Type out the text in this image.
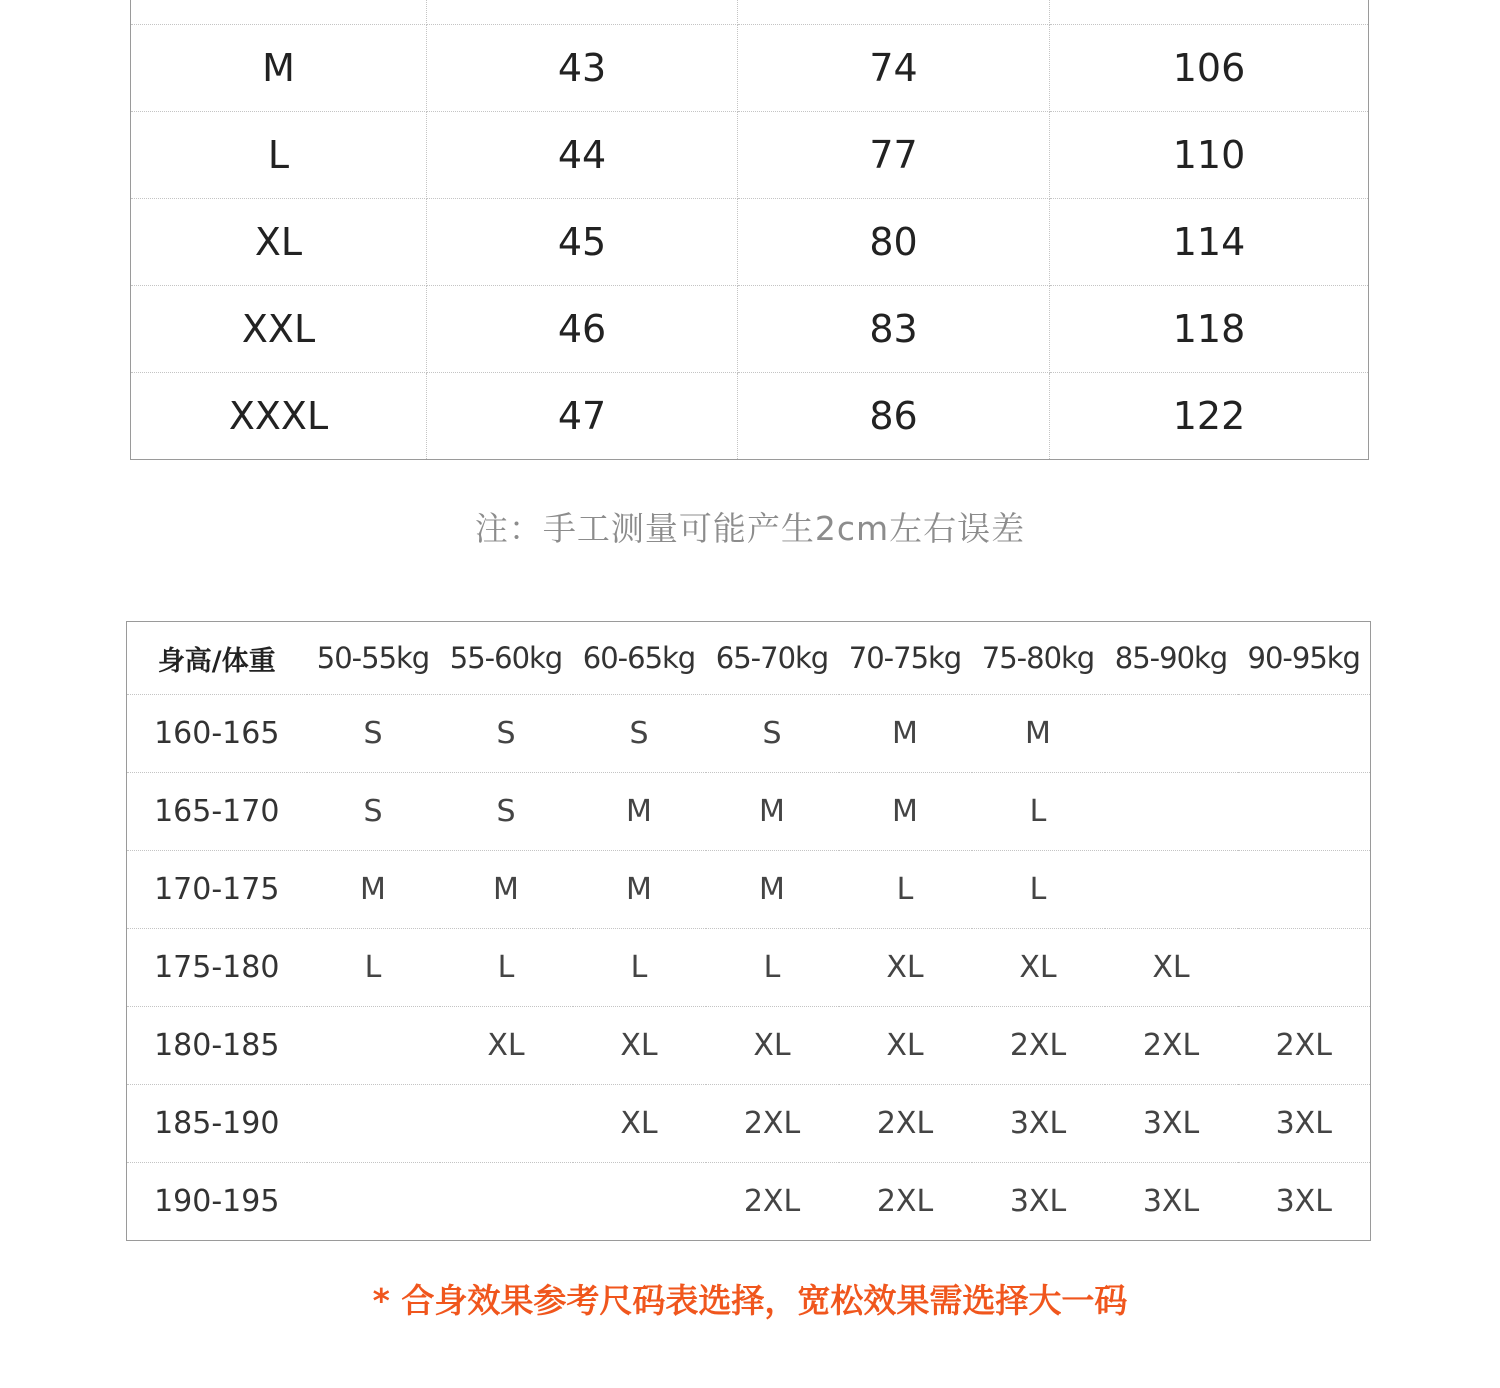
M	43	74	106
L	44	77	110
XL	45	80	114
XXL	46	83	118
XXXL	47	86	122
注：手工测量可能产生2cm左右误差
身高/体重	50-55kg	55-60kg	60-65kg	65-70kg	70-75kg	75-80kg	85-90kg	90-95kg
160-165	S	S	S	S	M	M		
165-170	S	S	M	M	M	L		
170-175	M	M	M	M	L	L		
175-180	L	L	L	L	XL	XL	XL	
180-185		XL	XL	XL	XL	2XL	2XL	2XL
185-190			XL	2XL	2XL	3XL	3XL	3XL
190-195				2XL	2XL	3XL	3XL	3XL
* 合身效果参考尺码表选择，宽松效果需选择大一码
